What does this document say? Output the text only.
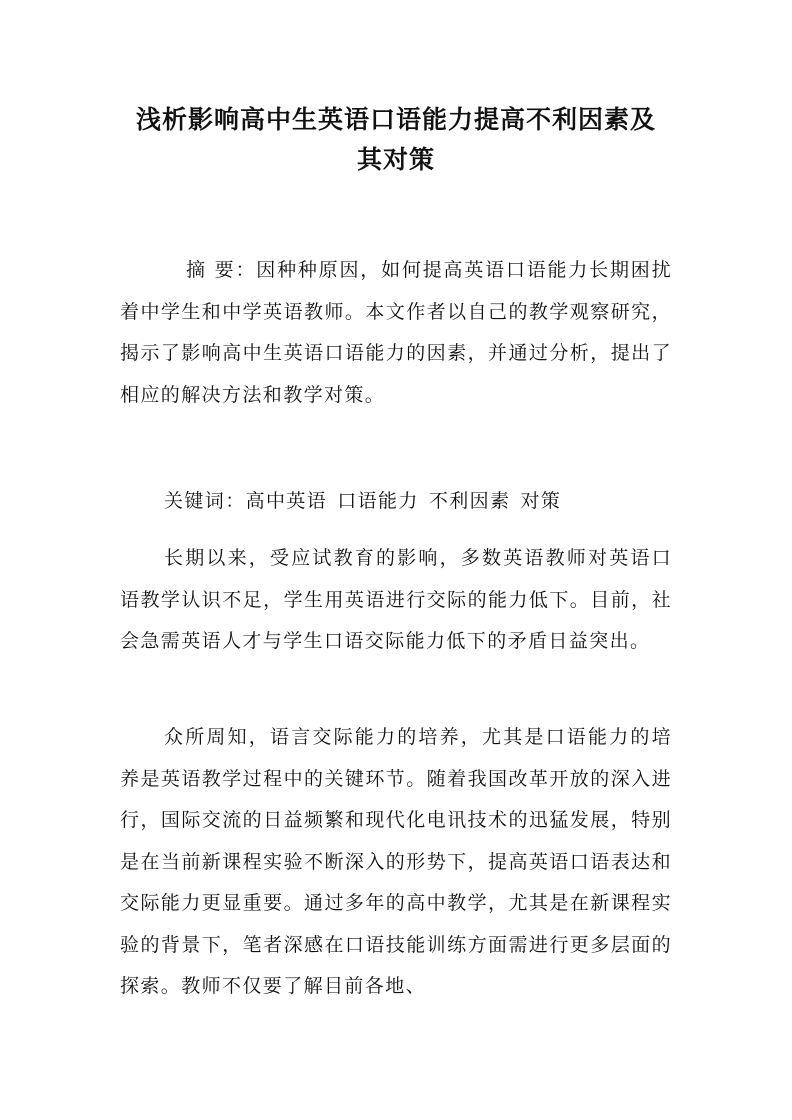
浅析影响高中生英语口语能力提高不利因素及
其对策

摘 要：因种种原因，如何提高英语口语能力长期困扰着中学生和中学英语教师。本文作者以自己的教学观察研究，揭示了影响高中生英语口语能力的因素，并通过分析，提出了相应的解决方法和教学对策。

关键词：高中英语 口语能力 不利因素 对策

长期以来，受应试教育的影响，多数英语教师对英语口语教学认识不足，学生用英语进行交际的能力低下。目前，社会急需英语人才与学生口语交际能力低下的矛盾日益突出。

众所周知，语言交际能力的培养，尤其是口语能力的培养是英语教学过程中的关键环节。随着我国改革开放的深入进行，国际交流的日益频繁和现代化电讯技术的迅猛发展，特别是在当前新课程实验不断深入的形势下，提高英语口语表达和交际能力更显重要。通过多年的高中教学，尤其是在新课程实验的背景下，笔者深感在口语技能训练方面需进行更多层面的探索。教师不仅要了解目前各地、
